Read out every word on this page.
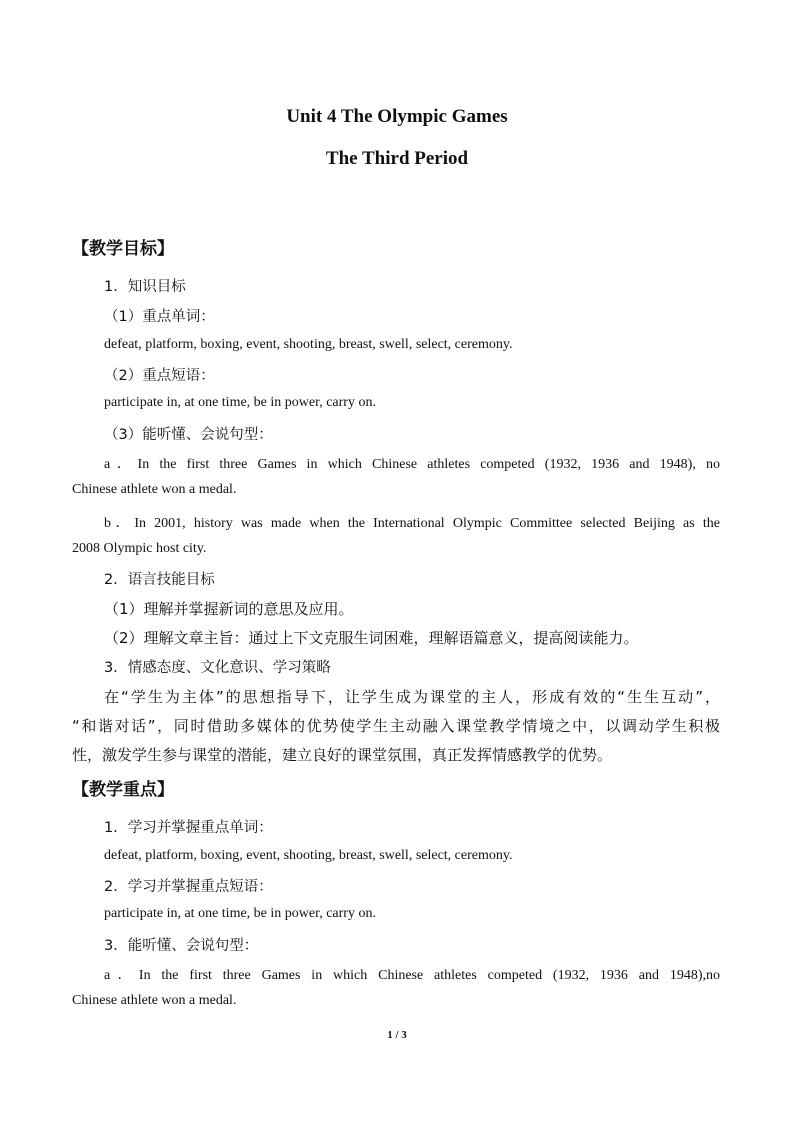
Unit 4 The Olympic Games
The Third Period
【教学目标】
1．知识目标
（1）重点单词：
defeat, platform, boxing, event, shooting, breast, swell, select, ceremony.
（2）重点短语：
participate in, at one time, be in power, carry on.
（3）能听懂、会说句型：
a．In the first three Games in which Chinese athletes competed (1932, 1936 and 1948), no
Chinese athlete won a medal.
b．In 2001, history was made when the International Olympic Committee selected Beijing as the
2008 Olympic host city.
2．语言技能目标
（1）理解并掌握新词的意思及应用。
（2）理解文章主旨：通过上下文克服生词困难，理解语篇意义，提高阅读能力。
3．情感态度、文化意识、学习策略
在“学生为主体”的思想指导下，让学生成为课堂的主人，形成有效的“生生互动”，
“和谐对话”，同时借助多媒体的优势使学生主动融入课堂教学情境之中，以调动学生积极
性，激发学生参与课堂的潜能，建立良好的课堂氛围，真正发挥情感教学的优势。
【教学重点】
1．学习并掌握重点单词：
defeat, platform, boxing, event, shooting, breast, swell, select, ceremony.
2．学习并掌握重点短语：
participate in, at one time, be in power, carry on.
3．能听懂、会说句型：
a．In the first three Games in which Chinese athletes competed (1932, 1936 and 1948),no
Chinese athlete won a medal.
1 / 3
